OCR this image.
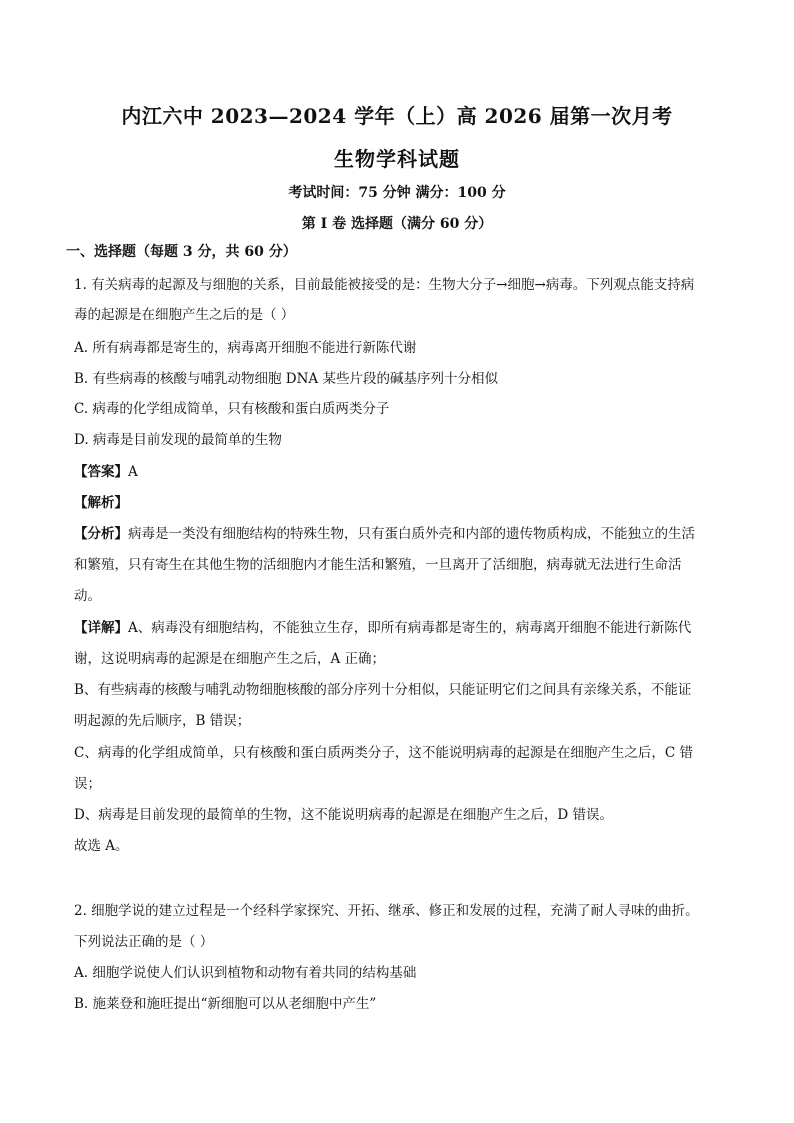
内江六中 2023—2024 学年（上）高 2026 届第一次月考
生物学科试题
考试时间：75 分钟 满分：100 分
第 I 卷 选择题（满分 60 分）
一、选择题（每题 3 分，共 60 分）
1. 有关病毒的起源及与细胞的关系，目前最能被接受的是：生物大分子→细胞→病毒。下列观点能支持病
毒的起源是在细胞产生之后的是（ ）
A. 所有病毒都是寄生的，病毒离开细胞不能进行新陈代谢
B. 有些病毒的核酸与哺乳动物细胞 DNA 某些片段的碱基序列十分相似
C. 病毒的化学组成简单，只有核酸和蛋白质两类分子
D. 病毒是目前发现的最简单的生物
【答案】A
【解析】
【分析】病毒是一类没有细胞结构的特殊生物，只有蛋白质外壳和内部的遗传物质构成，不能独立的生活
和繁殖，只有寄生在其他生物的活细胞内才能生活和繁殖，一旦离开了活细胞，病毒就无法进行生命活
动。
【详解】A、病毒没有细胞结构，不能独立生存，即所有病毒都是寄生的，病毒离开细胞不能进行新陈代
谢，这说明病毒的起源是在细胞产生之后，A 正确；
B、有些病毒的核酸与哺乳动物细胞核酸的部分序列十分相似，只能证明它们之间具有亲缘关系，不能证
明起源的先后顺序，B 错误；
C、病毒的化学组成简单，只有核酸和蛋白质两类分子，这不能说明病毒的起源是在细胞产生之后，C 错
误；
D、病毒是目前发现的最简单的生物，这不能说明病毒的起源是在细胞产生之后，D 错误。
故选 A。
2. 细胞学说的建立过程是一个经科学家探究、开拓、继承、修正和发展的过程，充满了耐人寻味的曲折。
下列说法正确的是（ ）
A. 细胞学说使人们认识到植物和动物有着共同的结构基础
B. 施莱登和施旺提出“新细胞可以从老细胞中产生”
